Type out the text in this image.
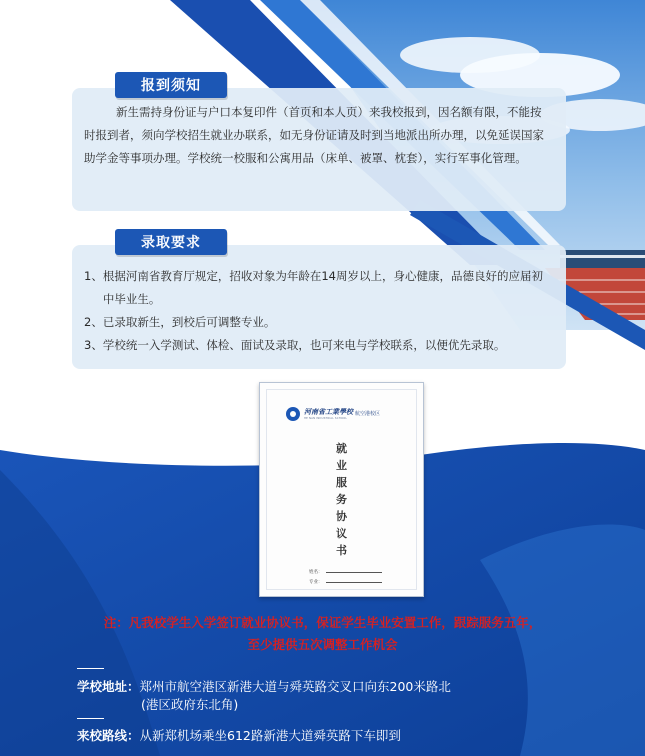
新生需持身份证与户口本复印件（首页和本人页）来我校报到，因名额有限，不能按时报到者，须向学校招生就业办联系，如无身份证请及时到当地派出所办理，以免延误国家助学金等事项办理。学校统一校服和公寓用品（床单、被罩、枕套），实行军事化管理。

报到须知
1、 根据河南省教育厅规定，招收对象为年龄在14周岁以上，身心健康，品德良好的应届初中毕业生。
2、 已录取新生，到校后可调整专业。
3、 学校统一入学测试、体检、面试及录取，也可来电与学校联系，以便优先录取。
录取要求
河南省工業學校 航空港校区
HE NAN INDUSTRIAL SCHOOL
就
业
服
务
协
议
书
姓名：
专业：
注：凡我校学生入学签订就业协议书，保证学生毕业安置工作，跟踪服务五年，
至少提供五次调整工作机会
学校地址：郑州市航空港区新港大道与舜英路交叉口向东200米路北
(港区政府东北角)
来校路线：从新郑机场乘坐612路新港大道舜英路下车即到
